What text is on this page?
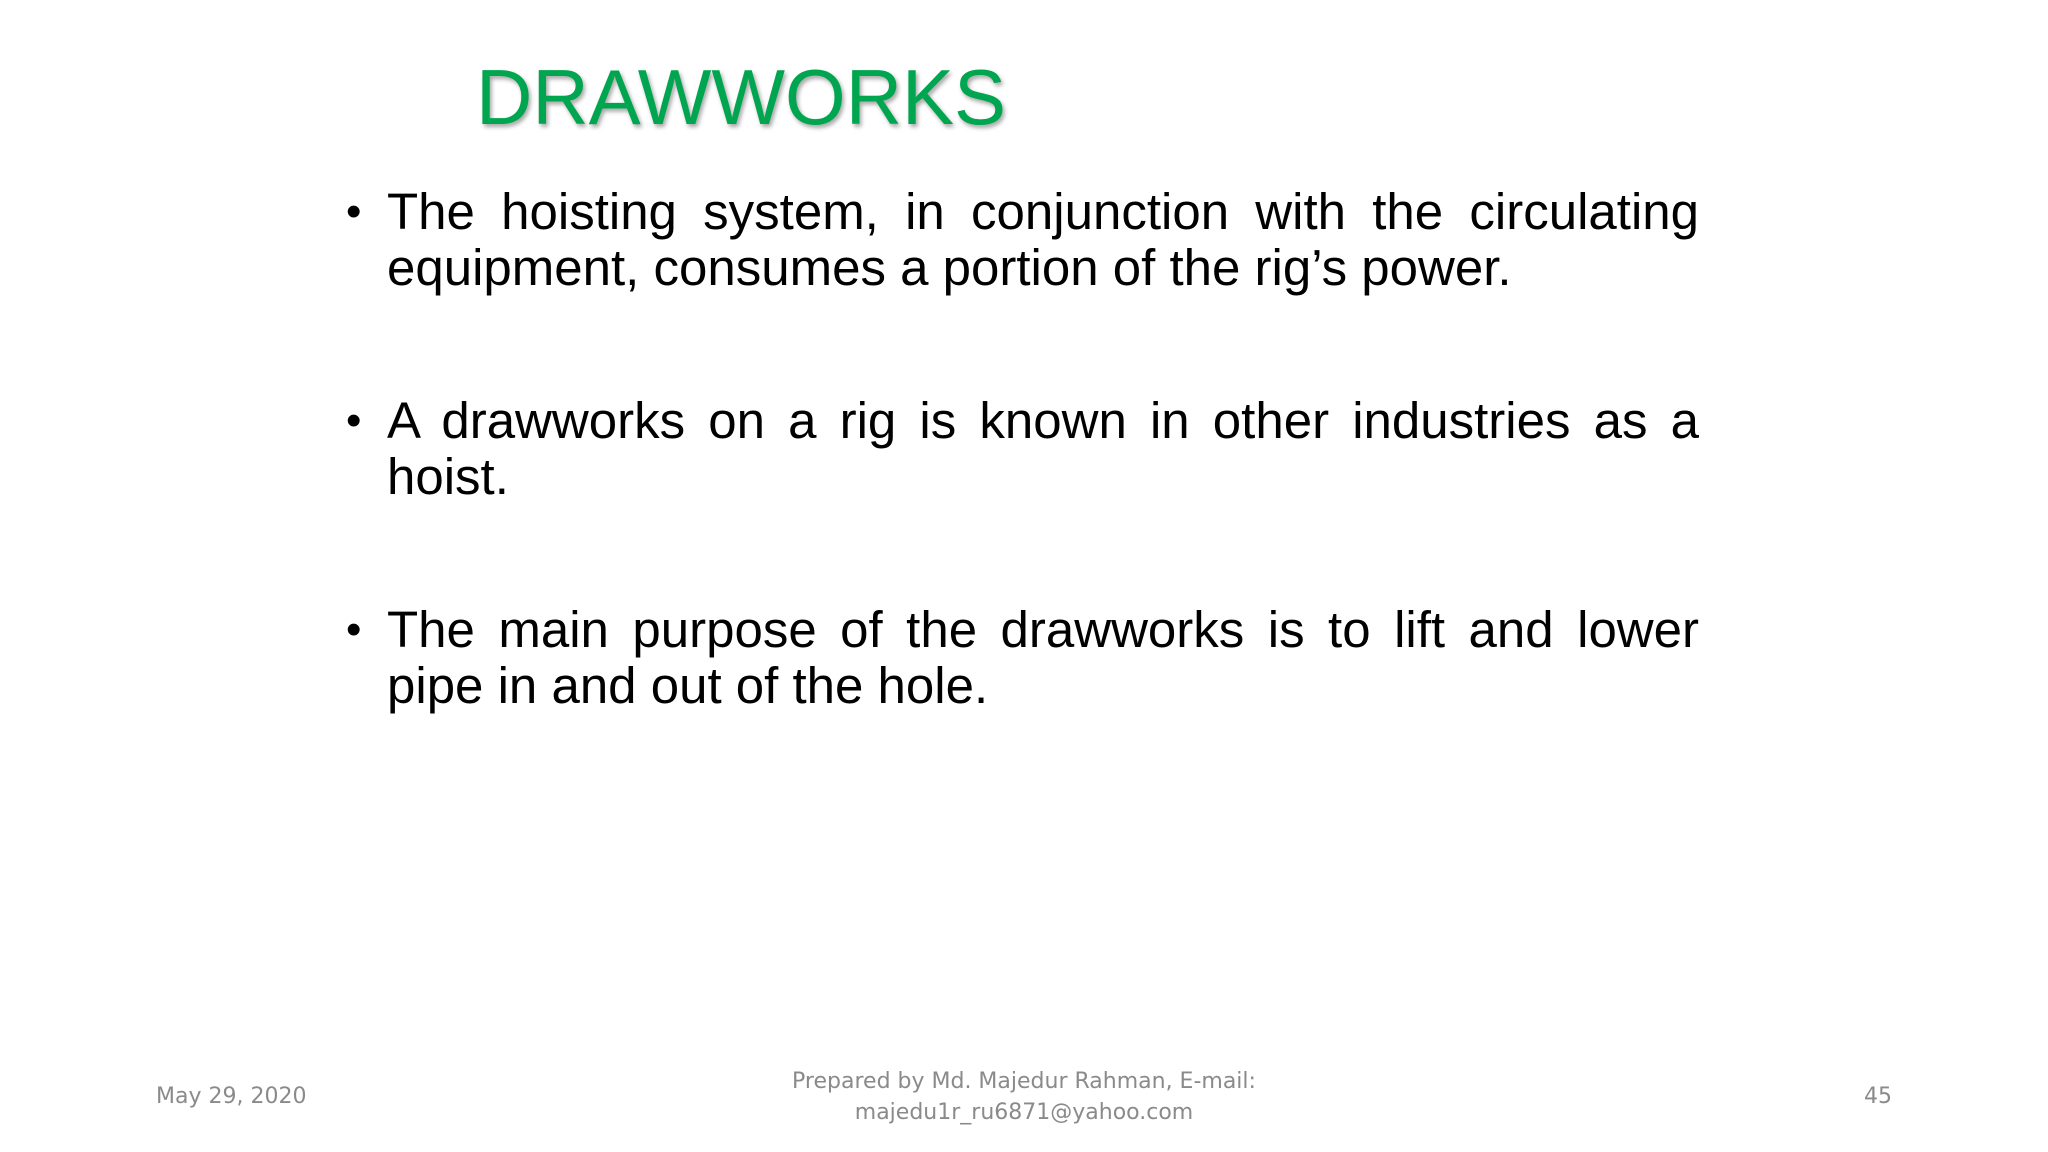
DRAWWORKS
• The hoisting system, in conjunction with the circulating equipment, consumes a portion of the rig’s power.
• A drawworks on a rig is known in other industries as a hoist.
• The main purpose of the drawworks is to lift and lower pipe in and out of the hole.
May 29, 2020
Prepared by Md. Majedur Rahman, E-mail:
majedu1r_ru6871@yahoo.com
45
